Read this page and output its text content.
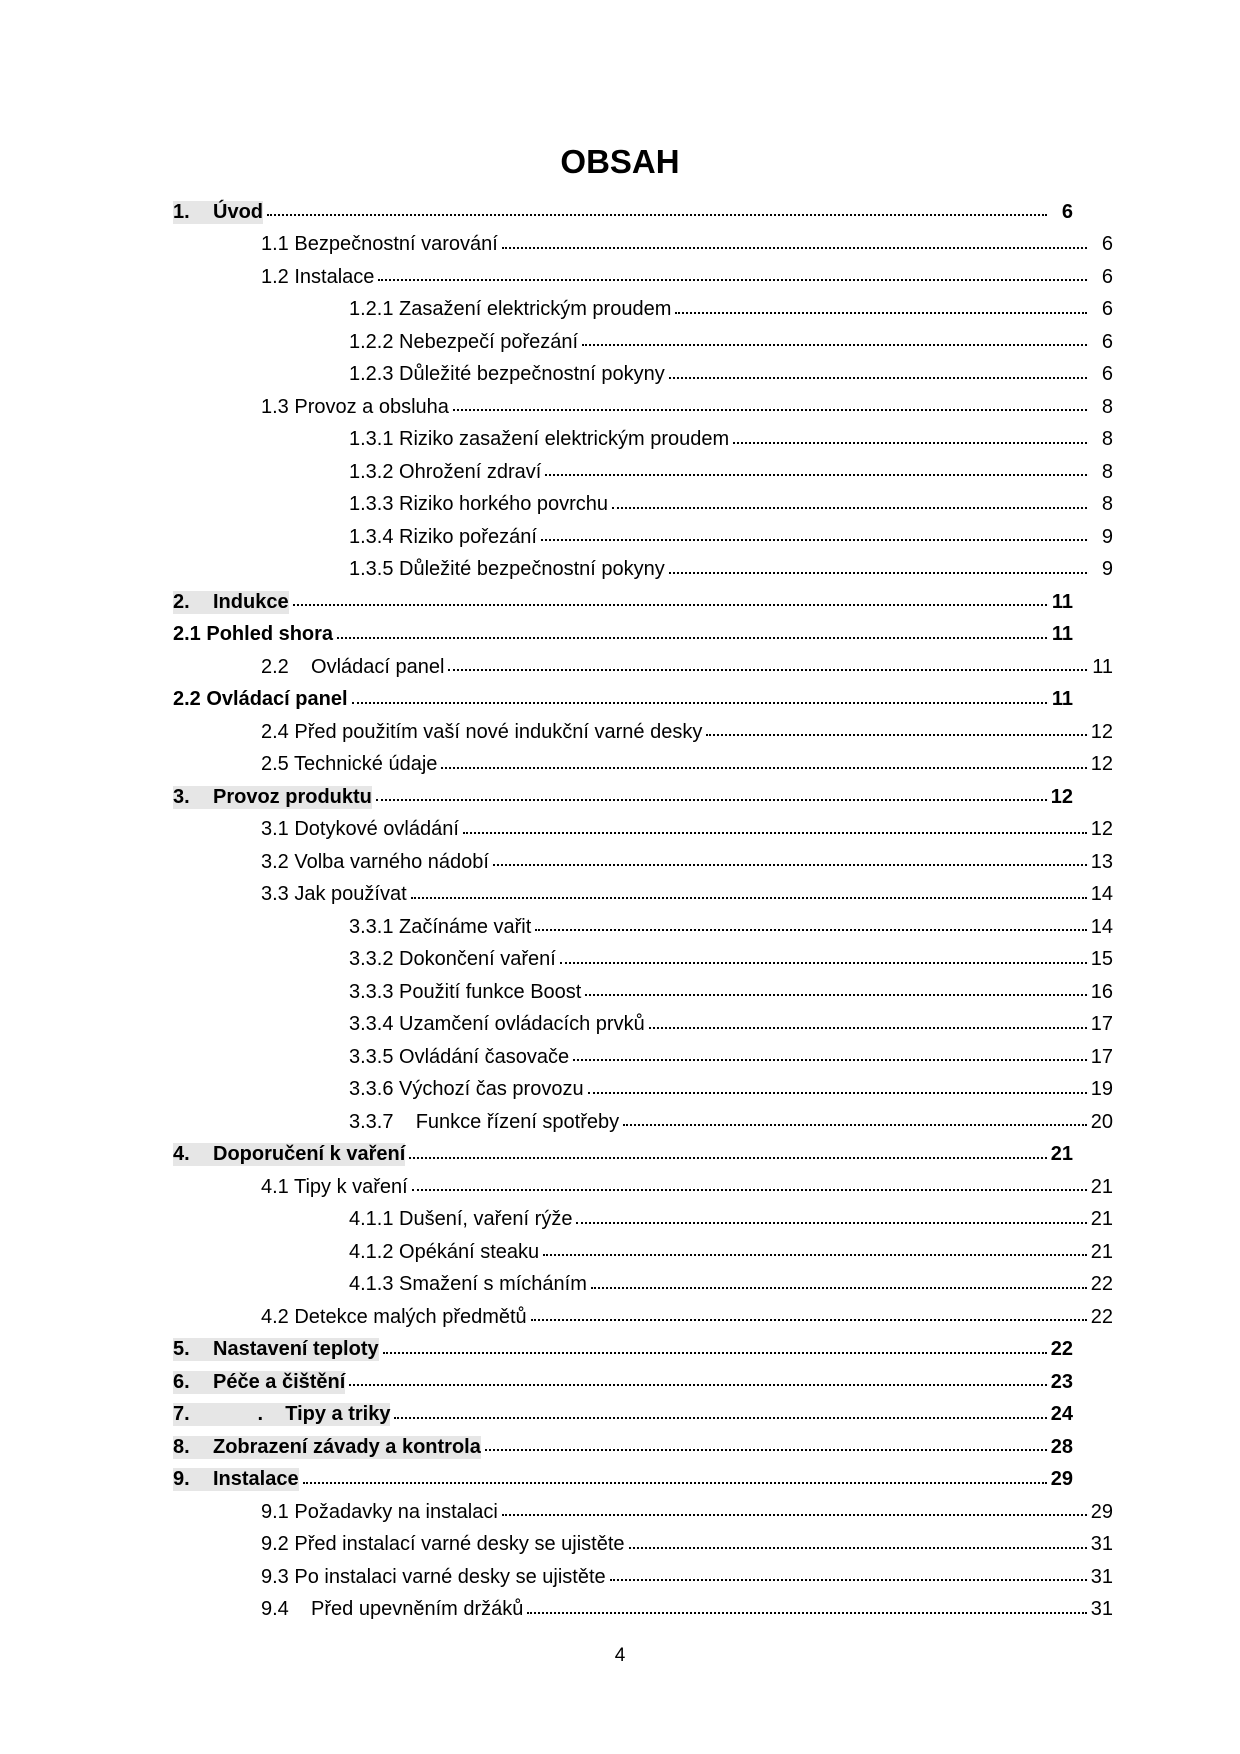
OBSAH
1. Úvod	6
1.1 Bezpečnostní varování	6
1.2 Instalace	6
1.2.1 Zasažení elektrickým proudem	6
1.2.2 Nebezpečí pořezání	6
1.2.3 Důležité bezpečnostní pokyny	6
1.3 Provoz a obsluha	8
1.3.1 Riziko zasažení elektrickým proudem	8
1.3.2 Ohrožení zdraví	8
1.3.3 Riziko horkého povrchu	8
1.3.4 Riziko pořezání	9
1.3.5 Důležité bezpečnostní pokyny	9
2. Indukce	11
2.1 Pohled shora	11
2.2    Ovládací panel	11
2.2 Ovládací panel	11
2.4 Před použitím vaší nové indukční varné desky	12
2.5 Technické údaje	12
3. Provoz produktu	12
3.1 Dotykové ovládání	12
3.2 Volba varného nádobí	13
3.3 Jak používat	14
3.3.1 Začínáme vařit	14
3.3.2 Dokončení vaření	15
3.3.3 Použití funkce Boost	16
3.3.4 Uzamčení ovládacích prvků	17
3.3.5 Ovládání časovače	17
3.3.6 Výchozí čas provozu	19
3.3.7    Funkce řízení spotřeby	20
4. Doporučení k vaření	21
4.1 Tipy k vaření	21
4.1.1 Dušení, vaření rýže	21
4.1.2 Opékání steaku	21
4.1.3 Smažení s mícháním	22
4.2 Detekce malých předmětů	22
5. Nastavení teploty	22
6. Péče a čištění	23
7.        .    Tipy a triky	24
8. Zobrazení závady a kontrola	28
9. Instalace	29
9.1 Požadavky na instalaci	29
9.2 Před instalací varné desky se ujistěte	31
9.3 Po instalaci varné desky se ujistěte	31
9.4    Před upevněním držáků	31
4
